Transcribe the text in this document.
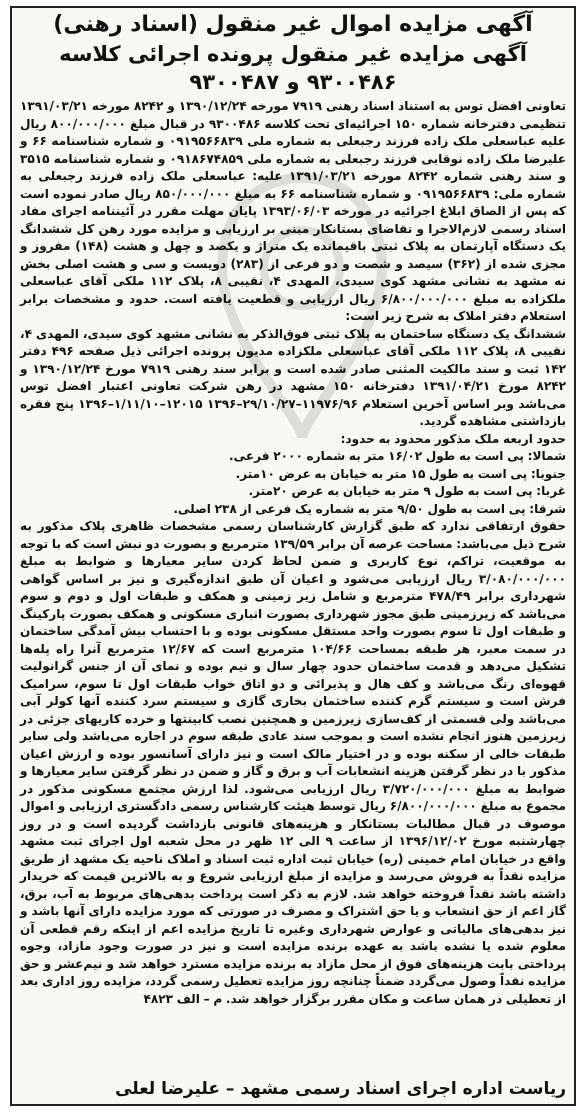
آگهی مزایده اموال غیر منقول (اسناد رهنی)
آگهی مزایده غیر منقول پرونده اجرائی کلاسه ۹۳۰۰۴۸۶ و ۹۳۰۰۴۸۷

تعاونی افضل توس به استناد اسناد رهنی ۷۹۱۹ مورخه ۱۳۹۰/۱۲/۲۴ و ۸۲۴۲ مورخه ۱۳۹۱/۰۳/۲۱ تنظیمی دفترخانه شماره ۱۵۰ اجرائیه‌ای تحت کلاسه ۹۳۰۰۴۸۶ در قبال مبلغ ۸۰۰/۰۰۰/۰۰۰ ریال علیه عباسعلی ملک زاده فرزند رجبعلی به شماره ملی ۰۹۱۹۵۶۶۸۳۹ و شماره شناسنامه ۶۶ و علیرضا ملک زاده نوقابی فرزند رجبعلی به شماره ملی ۰۹۱۸۶۷۴۸۵۹ و شماره شناسنامه ۳۵۱۵ و سند رهنی شماره ۸۲۴۲ مورخه ۱۳۹۱/۰۳/۲۱ علیه: عباسعلی ملک زاده فرزند رجبعلی به شماره ملی: ۰۹۱۹۵۶۶۸۳۹ و شماره شناسنامه ۶۶ به مبلغ ۸۵۰/۰۰۰/۰۰۰ ریال صادر نموده است که پس از الصاق ابلاغ اجرائیه در مورخه ۱۳۹۳/۰۶/۰۳ پایان مهلت مقرر در آئیننامه اجرای مفاد اسناد رسمی لازم‌الاجرا و تقاضای بستانکار مبنی بر ارزیابی و مزایده مورد رهن کل ششدانگ یک دستگاه آپارتمان به پلاک ثبتی باقیمانده یک متراژ و یکصد و چهل و هشت (۱۴۸) مفروز و مجزی شده از (۳۶۲) سیصد و شصت و دو فرعی از (۲۸۳) دویست و سی و هشت اصلی بخش نه مشهد به نشانی مشهد کوی سیدی، المهدی ۴، نقیبی ۸، پلاک ۱۱۲ ملکی آقای عباسعلی ملکزاده به مبلغ ۶/۸۰۰/۰۰۰/۰۰۰ ریال ارزیابی و قطعیت یافته است. حدود و مشخصات برابر استعلام دفتر املاک به شرح زیر است:

ششدانگ یک دستگاه ساختمان به پلاک ثبتی فوق‌الذکر به نشانی مشهد کوی سیدی، المهدی ۴، نقیبی ۸، پلاک ۱۱۲ ملکی آقای عباسعلی ملکزاده مدیون پرونده اجرائی ذیل صفحه ۴۹۶ دفتر ۱۴۲ ثبت و سند مالکیت المثنی صادر شده است و برابر سند رهنی ۷۹۱۹ مورخ ۱۳۹۰/۱۲/۲۴ و ۸۲۴۲ مورخ ۱۳۹۱/۰۴/۲۱ دفترخانه ۱۵۰ مشهد در رهن شرکت تعاونی اعتبار افضل توس می‌باشد وبر اساس آخرین استعلام ۱۱۹۷۶/۹۶–۲۹/۱۰/۲۷–۱۳۹۶ ۱۲۰۱۵–۱/۱۱/۱۰–۱۳۹۶ پنج فقره بازداشتی مشاهده گردید.

حدود اربعه ملک مذکور محدود به حدود:

شمالا: پی است به طول ۱۶/۰۲ متر به شماره ۲۰۰۰ فرعی.

جنوبا: پی است به طول ۱۵ متر به خیابان به عرض ۱۰متر.

غربا: پی است به طول ۹ متر به خیابان به عرض ۲۰متر.

شرقا: پی است به طول ۹/۵۰ متر به شماره یک فرعی از ۲۳۸ اصلی.

حقوق ارتفاقی ندارد که طبق گزارش کارشناسان رسمی مشخصات ظاهری پلاک مذکور به شرح ذیل می‌باشد: مساحت عرصه آن برابر ۱۳۹/۵۹ مترمربع و بصورت دو نبش است که با توجه به موقعیت، تراکم، نوع کاربری و ضمن لحاظ کردن سایر معیارها و ضوابط به مبلغ ۳/۰۸۰/۰۰۰/۰۰۰ ریال ارزیابی می‌شود و اعیان آن طبق اندازه‌گیری و نیز بر اساس گواهی شهرداری برابر ۴۷۸/۴۹ مترمربع و شامل زیر زمینی و همکف و طبقات اول و دوم و سوم می‌باشد که زیرزمینی طبق مجوز شهرداری بصورت انباری مسکونی و همکف بصورت پارکینگ و طبقات اول تا سوم بصورت واحد مستقل مسکونی بوده و با احتساب بیش آمدگی ساختمان در سمت معبر، هر طبقه بمساحت ۱۰۴/۶۶ مترمربع است که ۱۲/۶۷ مترمربع آنرا راه پله‌ها تشکیل می‌دهد و قدمت ساختمان حدود چهار سال و نیم بوده و نمای آن از جنس گرانولیت قهوه‌ای رنگ می‌باشد و کف هال و پذیرائی و دو اتاق خواب طبقات اول تا سوم، سرامیک فرش است و سیستم گرم کننده ساختمان بخاری گازی و سیستم سرد کننده آنها کولر آبی می‌باشد ولی قسمتی از کف‌سازی زیرزمین و همچنین نصب کابینتها و خرده کاریهای جزئی در زیرزمین هنوز انجام نشده است و بموجب سند عادی طبقه سوم در اجاره می‌باشد ولی سایر طبقات خالی از سکنه بوده و در اختیار مالک است و نیز دارای آسانسور بوده و ارزش اعیان مذکور با در نظر گرفتن هزینه انشعابات آب و برق و گاز و ضمن در نظر گرفتن سایر معیارها و ضوابط به مبلغ ۳/۷۲۰/۰۰۰/۰۰۰ ریال ارزیابی می‌شود. لذا ارزش مجتمع مسکونی مذکور در مجموع به مبلغ ۶/۸۰۰/۰۰۰/۰۰۰ ریال توسط هیئت کارشناس رسمی دادگستری ارزیابی و اموال موصوف در قبال مطالبات بستانکار و هزینه‌های قانونی بازداشت گردیده است و در روز چهارشنبه مورخ ۱۳۹۶/۱۲/۰۲ از ساعت ۹ الی ۱۲ ظهر در محل شعبه اول اجرای ثبت مشهد واقع در خیابان امام خمینی (ره) خیابان ثبت اداره ثبت اسناد و املاک ناحیه یک مشهد از طریق مزایده نقداً به فروش می‌رسد و مزایده از مبلغ ارزیابی شروع و به بالاترین قیمت که خریدار داشته باشد نقداً فروخته خواهد شد. لازم به ذکر است پرداخت بدهی‌های مربوط به آب، برق، گاز اعم از حق انشعاب و یا حق اشتراک و مصرف در صورتی که مورد مزایده دارای آنها باشد و نیز بدهی‌های مالیاتی و عوارض شهرداری وغیره تا تاریخ مزایده اعم از اینکه رقم قطعی آن معلوم شده یا نشده باشد به عهده برنده مزایده است و نیز در صورت وجود مازاد، وجوه پرداختی بابت هزینه‌های فوق از محل مازاد به برنده مزایده مسترد خواهد شد و نیم‌عشر و حق مزایده نقداً وصول می‌گردد ضمناً چنانچه روز مزایده تعطیل رسمی گردد، مزایده روز اداری بعد از تعطیلی در همان ساعت و مکان مقرر برگزار خواهد شد. م – الف ۴۸۲۳

ریاست اداره اجرای اسناد رسمی مشهد – علیرضا لعلی
